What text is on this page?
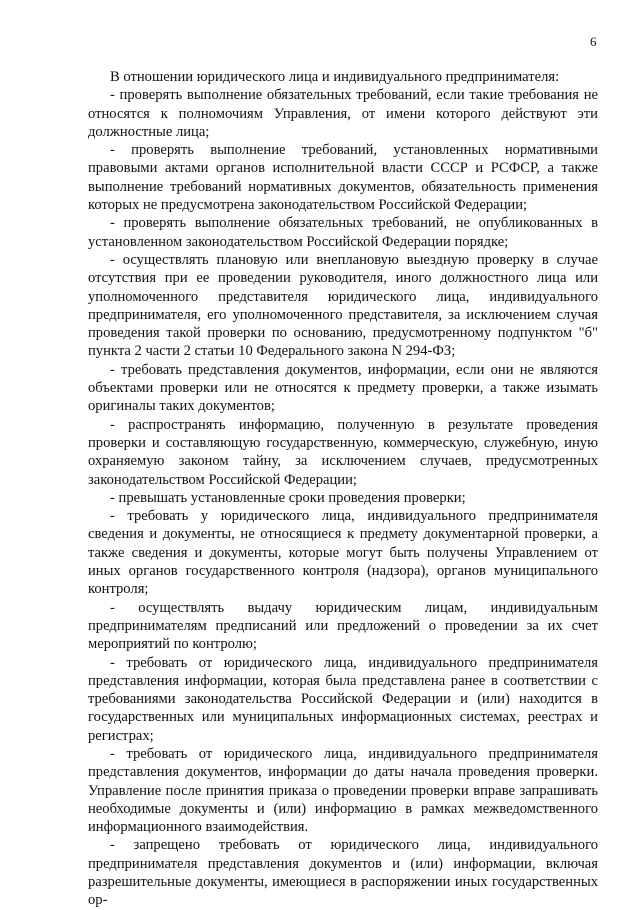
6

В отношении юридического лица и индивидуального предпринимателя:

- проверять выполнение обязательных требований, если такие требования не относятся к полномочиям Управления, от имени которого действуют эти должностные лица;

- проверять выполнение требований, установленных нормативными правовыми актами органов исполнительной власти СССР и РСФСР, а также выполнение требований нормативных документов, обязательность применения которых не предусмотрена законодательством Российской Федерации;

- проверять выполнение обязательных требований, не опубликованных в установленном законодательством Российской Федерации порядке;

- осуществлять плановую или внеплановую выездную проверку в случае отсутствия при ее проведении руководителя, иного должностного лица или уполномоченного представителя юридического лица, индивидуального предпринимателя, его уполномоченного представителя, за исключением случая проведения такой проверки по основанию, предусмотренному подпунктом "б" пункта 2 части 2 статьи 10 Федерального закона N 294-ФЗ;

- требовать представления документов, информации, если они не являются объектами проверки или не относятся к предмету проверки, а также изымать оригиналы таких документов;

- распространять информацию, полученную в результате проведения проверки и составляющую государственную, коммерческую, служебную, иную охраняемую законом тайну, за исключением случаев, предусмотренных законодательством Российской Федерации;

- превышать установленные сроки проведения проверки;

- требовать у юридического лица, индивидуального предпринимателя сведения и документы, не относящиеся к предмету документарной проверки, а также сведения и документы, которые могут быть получены Управлением от иных органов государственного контроля (надзора), органов муниципального контроля;

- осуществлять выдачу юридическим лицам, индивидуальным предпринимателям предписаний или предложений о проведении за их счет мероприятий по контролю;

- требовать от юридического лица, индивидуального предпринимателя представления информации, которая была представлена ранее в соответствии с требованиями законодательства Российской Федерации и (или) находится в государственных или муниципальных информационных системах, реестрах и регистрах;

- требовать от юридического лица, индивидуального предпринимателя представления документов, информации до даты начала проведения проверки. Управление после принятия приказа о проведении проверки вправе запрашивать необходимые документы и (или) информацию в рамках межведомственного информационного взаимодействия.

- запрещено требовать от юридического лица, индивидуального предпринимателя представления документов и (или) информации, включая разрешительные документы, имеющиеся в распоряжении иных государственных ор-
